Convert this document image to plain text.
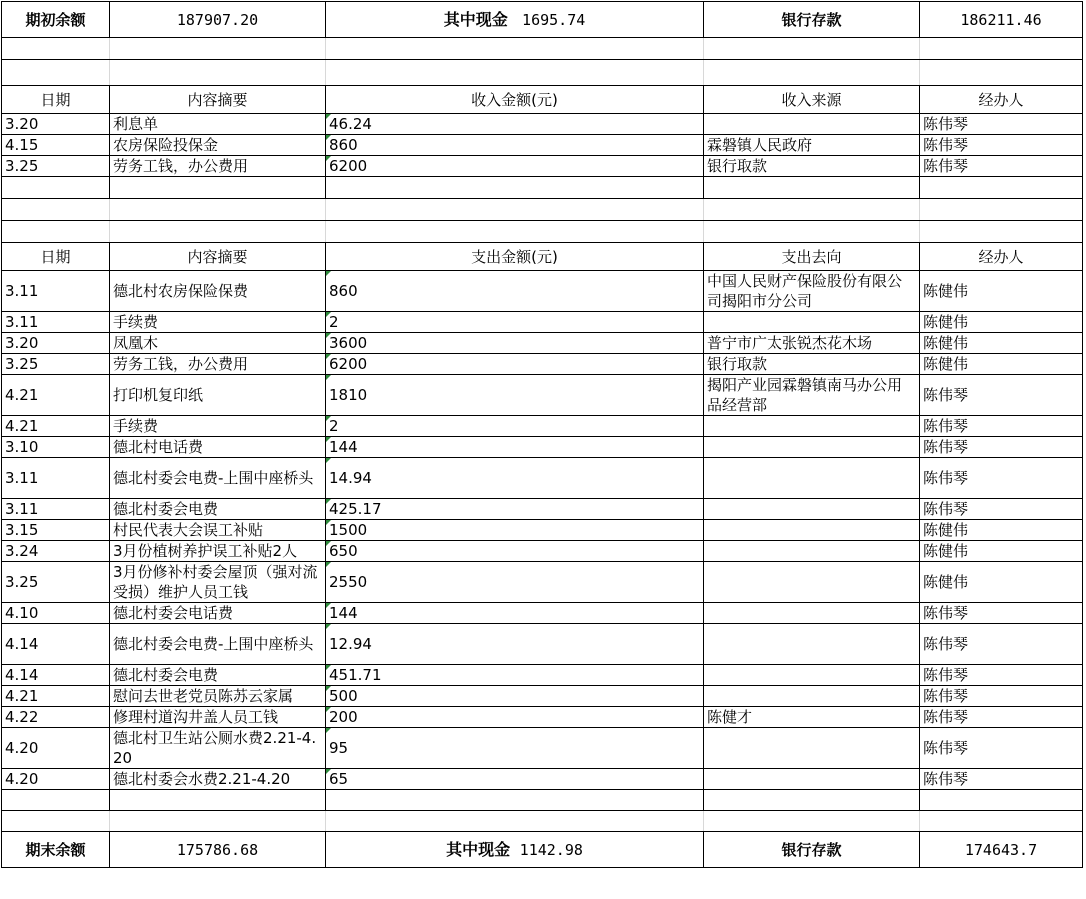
期初余额	187907.20	其中现金 1695.74	银行存款	186211.46

日期	内容摘要	收入金额(元)	收入来源	经办人
3.20	利息单	46.24		陈伟琴
4.15	农房保险投保金	860	霖磐镇人民政府	陈伟琴
3.25	劳务工钱，办公费用	6200	银行取款	陈伟琴

日期	内容摘要	支出金额(元)	支出去向	经办人
3.11	德北村农房保险保费	860	中国人民财产保险股份有限公司揭阳市分公司	陈健伟
3.11	手续费	2		陈健伟
3.20	凤凰木	3600	普宁市广太张锐杰花木场	陈健伟
3.25	劳务工钱，办公费用	6200	银行取款	陈健伟
4.21	打印机复印纸	1810	揭阳产业园霖磐镇南马办公用品经营部	陈伟琴
4.21	手续费	2		陈伟琴
3.10	德北村电话费	144		陈伟琴
3.11	德北村委会电费-上围中座桥头	14.94		陈伟琴
3.11	德北村委会电费	425.17		陈伟琴
3.15	村民代表大会误工补贴	1500		陈健伟
3.24	3月份植树养护误工补贴2人	650		陈健伟
3.25	3月份修补村委会屋顶（强对流受损）维护人员工钱	2550		陈健伟
4.10	德北村委会电话费	144		陈伟琴
4.14	德北村委会电费-上围中座桥头	12.94		陈伟琴
4.14	德北村委会电费	451.71		陈伟琴
4.21	慰问去世老党员陈苏云家属	500		陈伟琴
4.22	修理村道沟井盖人员工钱	200	陈健才	陈伟琴
4.20	德北村卫生站公厕水费2.21-4.20	95		陈伟琴
4.20	德北村委会水费2.21-4.20	65		陈伟琴

期末余额	175786.68	其中现金 1142.98	银行存款	174643.7
